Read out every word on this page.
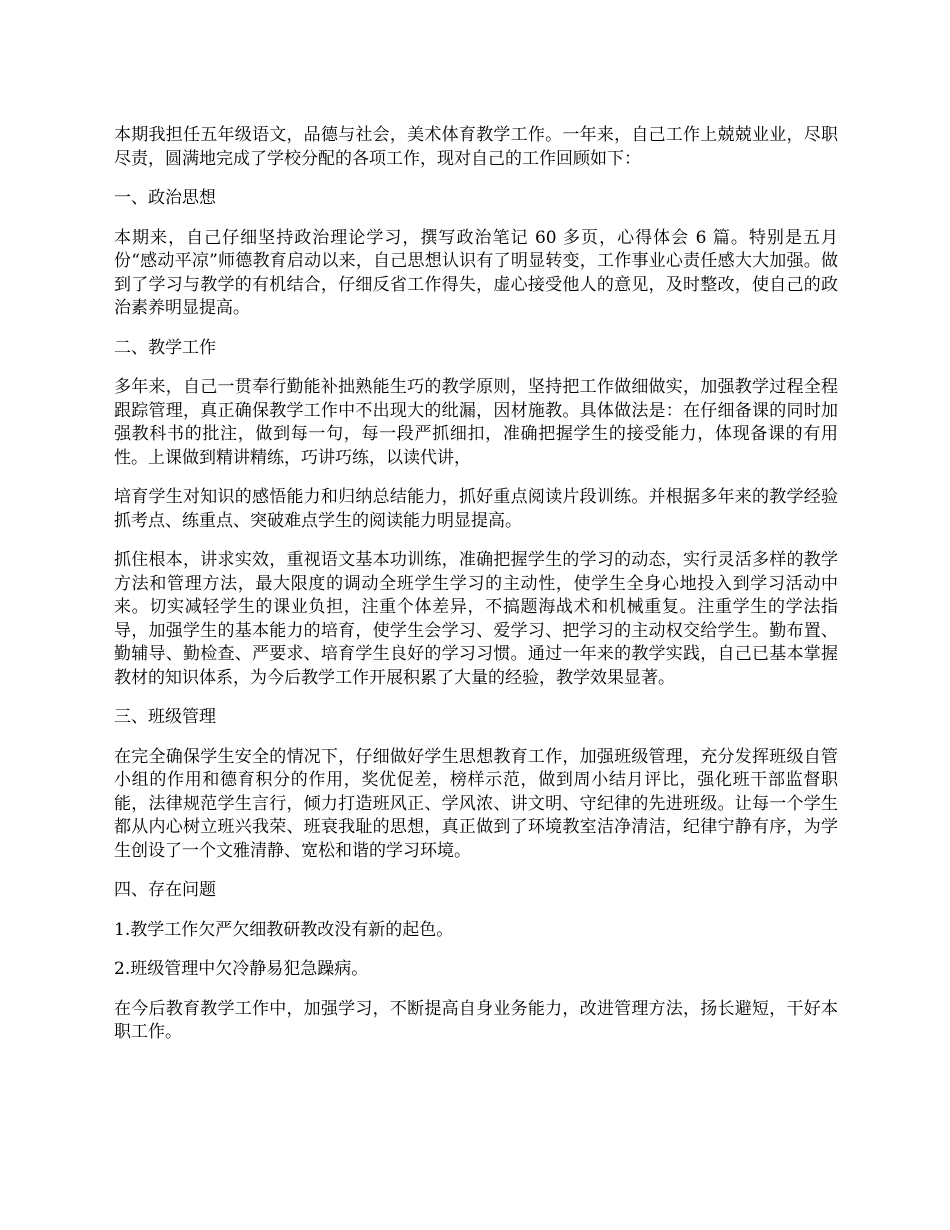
本期我担任五年级语文，品德与社会，美术体育教学工作。一年来，自己工作上兢兢业业，尽职尽责，圆满地完成了学校分配的各项工作，现对自己的工作回顾如下：

一、政治思想

本期来，自己仔细坚持政治理论学习，撰写政治笔记 60 多页，心得体会 6 篇。特别是五月份“感动平凉”师德教育启动以来，自己思想认识有了明显转变，工作事业心责任感大大加强。做到了学习与教学的有机结合，仔细反省工作得失，虚心接受他人的意见，及时整改，使自己的政治素养明显提高。

二、教学工作

多年来，自己一贯奉行勤能补拙熟能生巧的教学原则，坚持把工作做细做实，加强教学过程全程跟踪管理，真正确保教学工作中不出现大的纰漏，因材施教。具体做法是：在仔细备课的同时加强教科书的批注，做到每一句，每一段严抓细扣，准确把握学生的接受能力，体现备课的有用性。上课做到精讲精练，巧讲巧练，以读代讲，

培育学生对知识的感悟能力和归纳总结能力，抓好重点阅读片段训练。并根据多年来的教学经验抓考点、练重点、突破难点学生的阅读能力明显提高。

抓住根本，讲求实效，重视语文基本功训练，准确把握学生的学习的动态，实行灵活多样的教学方法和管理方法，最大限度的调动全班学生学习的主动性，使学生全身心地投入到学习活动中来。切实减轻学生的课业负担，注重个体差异，不搞题海战术和机械重复。注重学生的学法指导，加强学生的基本能力的培育，使学生会学习、爱学习、把学习的主动权交给学生。勤布置、勤辅导、勤检查、严要求、培育学生良好的学习习惯。通过一年来的教学实践，自己已基本掌握教材的知识体系，为今后教学工作开展积累了大量的经验，教学效果显著。

三、班级管理

在完全确保学生安全的情况下，仔细做好学生思想教育工作，加强班级管理，充分发挥班级自管小组的作用和德育积分的作用，奖优促差，榜样示范，做到周小结月评比，强化班干部监督职能，法律规范学生言行，倾力打造班风正、学风浓、讲文明、守纪律的先进班级。让每一个学生都从内心树立班兴我荣、班衰我耻的思想，真正做到了环境教室洁净清洁，纪律宁静有序，为学生创设了一个文雅清静、宽松和谐的学习环境。

四、存在问题

1.教学工作欠严欠细教研教改没有新的起色。

2.班级管理中欠冷静易犯急躁病。

在今后教育教学工作中，加强学习，不断提高自身业务能力，改进管理方法，扬长避短，干好本职工作。
